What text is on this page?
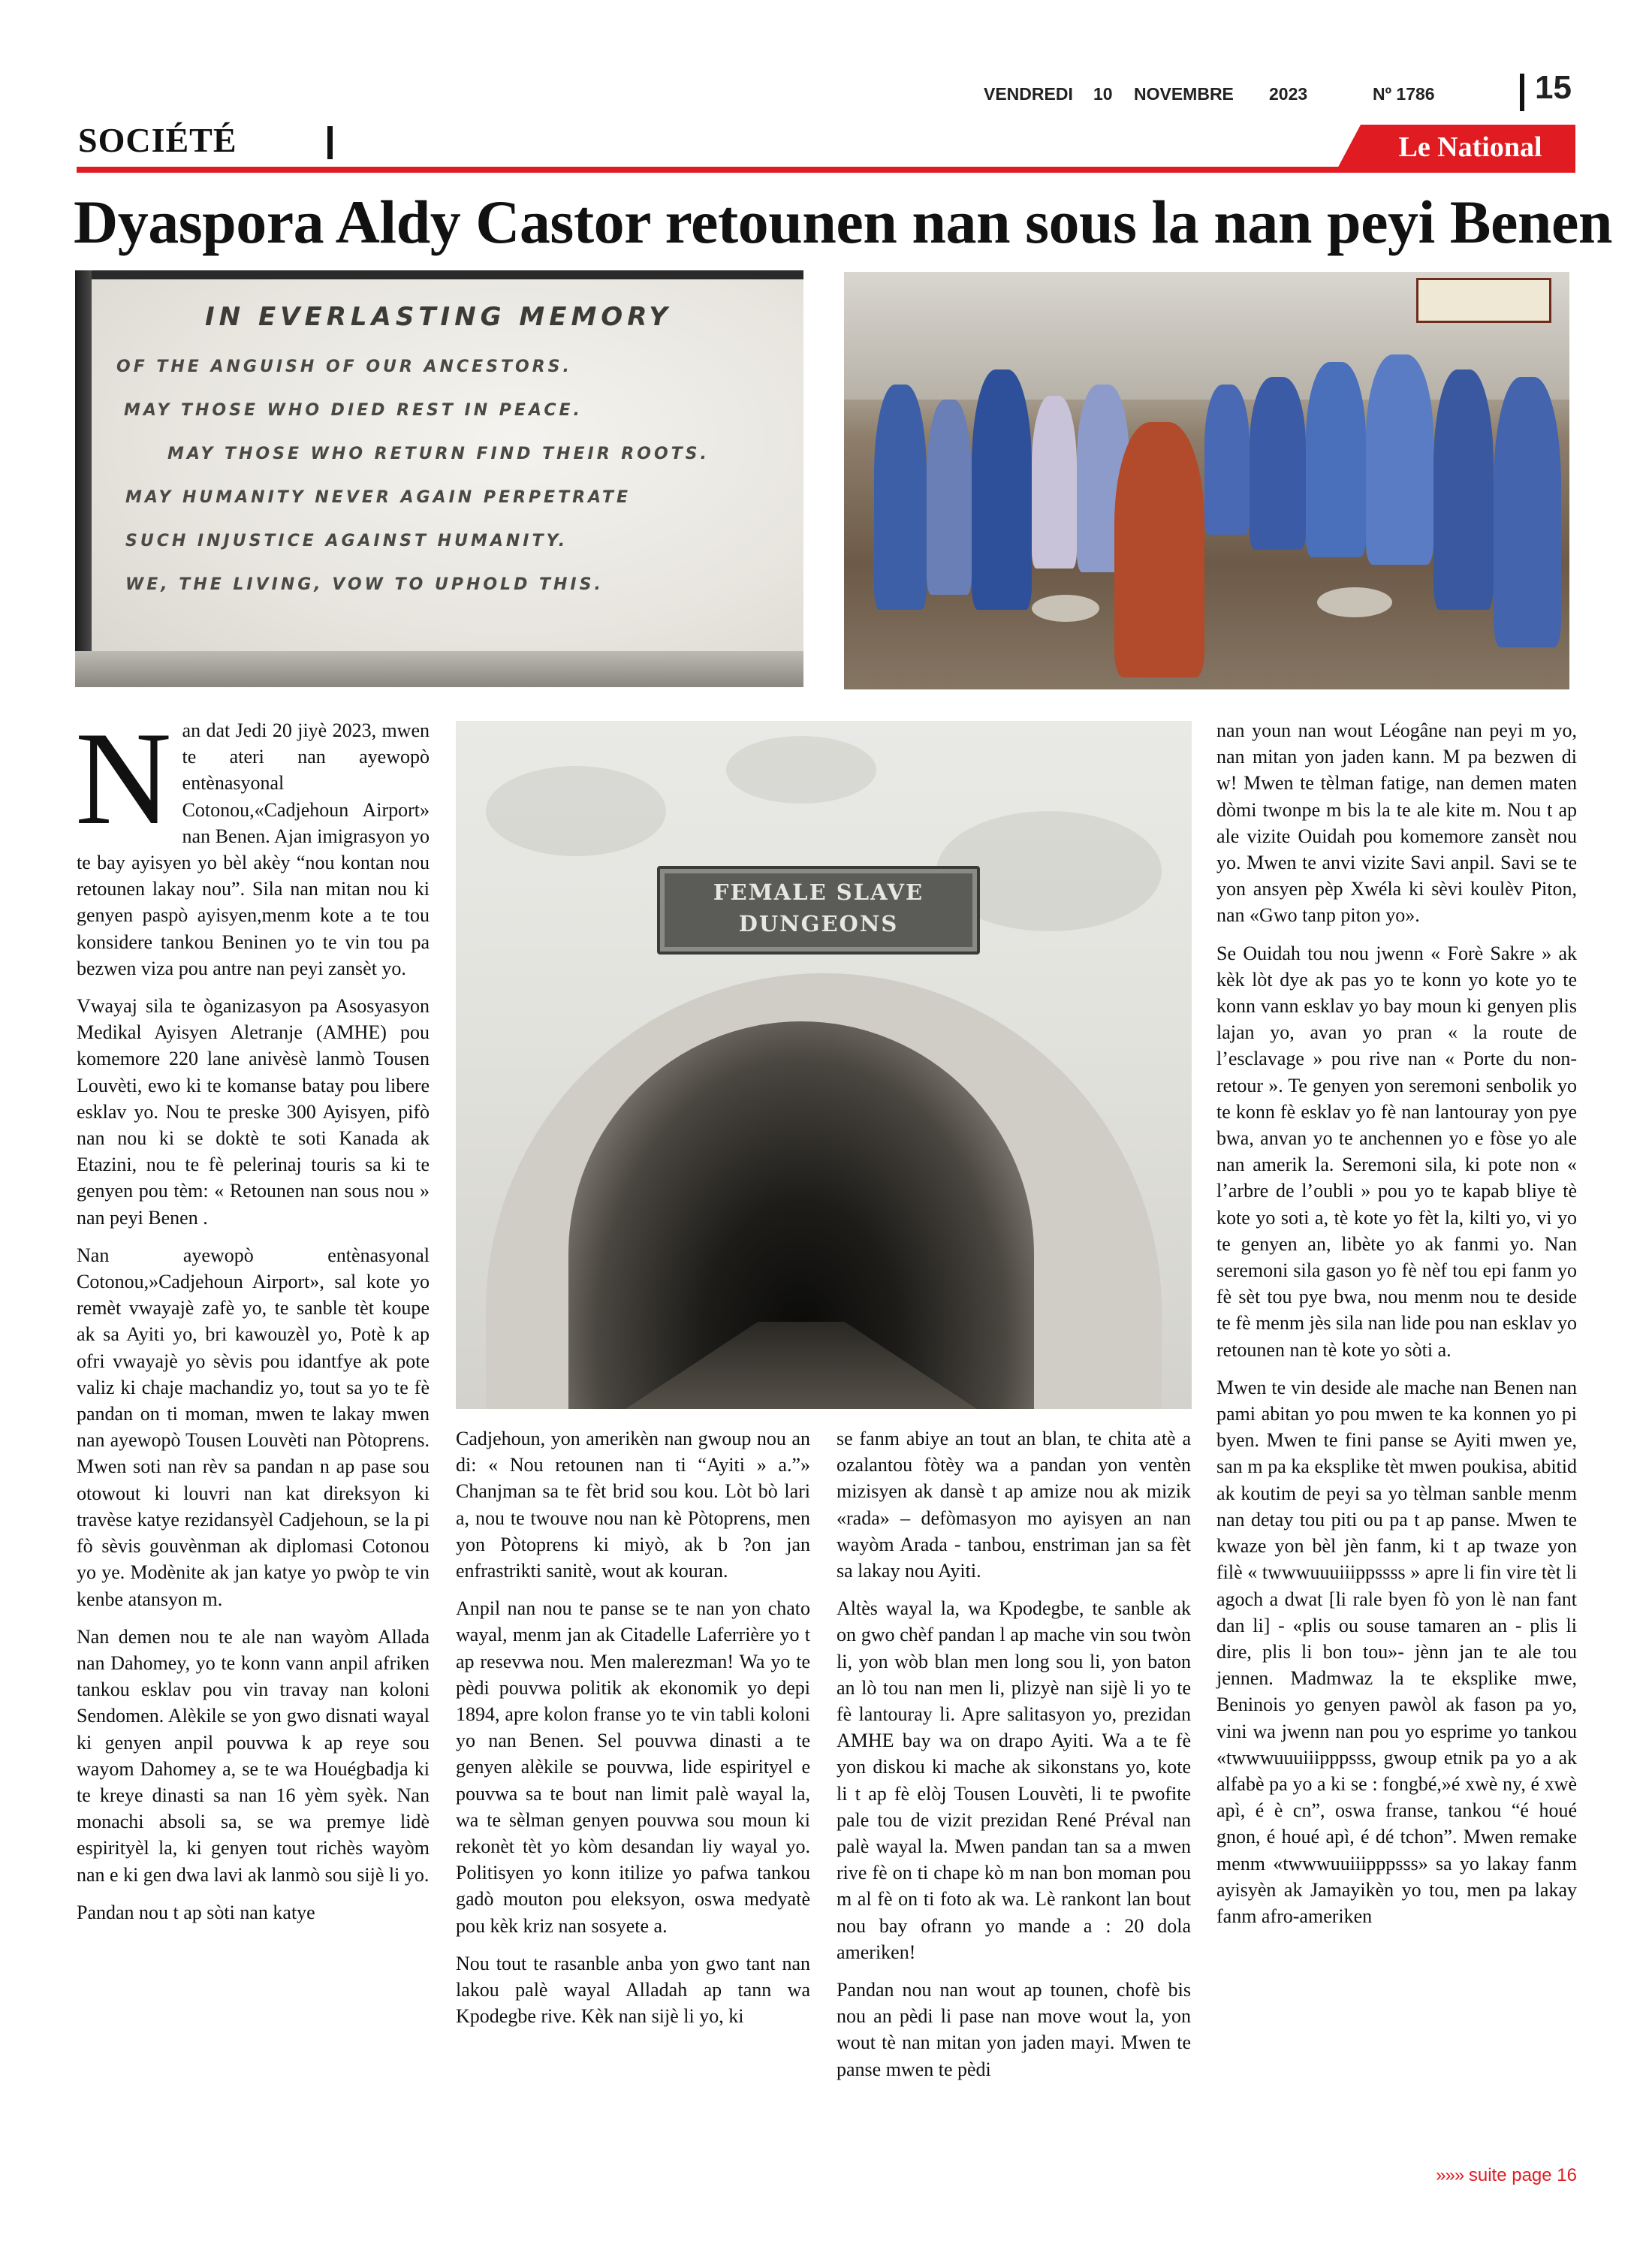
VENDREDI 10 NOVEMBRE 2023	Nº 1786	15
SOCIÉTÉ	Le National
Dyaspora Aldy Castor retounen nan sous la nan peyi Benen
IN EVERLASTING MEMORY
OF THE ANGUISH OF OUR ANCESTORS.
MAY THOSE WHO DIED REST IN PEACE.
MAY THOSE WHO RETURN FIND THEIR ROOTS.
MAY HUMANITY NEVER AGAIN PERPETRATE
SUCH INJUSTICE AGAINST HUMANITY.
WE, THE LIVING, VOW TO UPHOLD THIS.

Nan dat Jedi 20 jiyè 2023, mwen te ateri nan ayewopò entènasyonal Cotonou,«Cadjehoun Airport» nan Benen. Ajan imigrasyon yo te bay ayisyen yo bèl akèy “nou kontan nou retounen lakay nou”. Sila nan mitan nou ki genyen paspò ayisyen,menm kote a te tou konsidere tankou Beninen yo te vin tou pa bezwen viza pou antre nan peyi zansèt yo.

Vwayaj sila te òganizasyon pa Asosyasyon Medikal Ayisyen Aletranje (AMHE) pou komemore 220 lane anivèsè lanmò Tousen Louvèti, ewo ki te komanse batay pou libere esklav yo. Nou te preske 300 Ayisyen, pifò nan nou ki se doktè te soti Kanada ak Etazini, nou te fè pelerinaj touris sa ki te genyen pou tèm: « Retounen nan sous nou » nan peyi Benen .

Nan ayewopò entènasyonal Cotonou,»Cadjehoun Airport», sal kote yo remèt vwayajè zafè yo, te sanble tèt koupe ak sa Ayiti yo, bri kawouzèl yo, Potè k ap ofri vwayajè yo sèvis pou idantfye ak pote valiz ki chaje machandiz yo, tout sa yo te fè pandan on ti moman, mwen te lakay mwen nan ayewopò Tousen Louvèti nan Pòtoprens. Mwen soti nan rèv sa pandan n ap pase sou otowout ki louvri nan kat direksyon ki travèse katye rezidansyèl Cadjehoun, se la pi fò sèvis gouvènman ak diplomasi Cotonou yo ye. Modènite ak jan katye yo pwòp te vin kenbe atansyon m.

Nan demen nou te ale nan wayòm Allada nan Dahomey, yo te konn vann anpil afriken tankou esklav pou vin travay nan koloni Sendomen. Alèkile se yon gwo disnati wayal ki genyen anpil pouvwa k ap reye sou wayom Dahomey a, se te wa Houégbadja ki te kreye dinasti sa nan 16 yèm syèk. Nan monachi absoli sa, se wa premye lidè espirityèl la, ki genyen tout richès wayòm nan e ki gen dwa lavi ak lanmò sou sijè li yo.

Pandan nou t ap sòti nan katye

FEMALE SLAVE
DUNGEONS

Cadjehoun, yon amerikèn nan gwoup nou an di: « Nou retounen nan ti “Ayiti » a.”» Chanjman sa te fèt brid sou kou. Lòt bò lari a, nou te twouve nou nan kè Pòtoprens, men yon Pòtoprens ki miyò, ak b ?on jan enfrastrikti sanitè, wout ak kouran.

Anpil nan nou te panse se te nan yon chato wayal, menm jan ak Citadelle Laferrière yo t ap resevwa nou. Men malerezman! Wa yo te pèdi pouvwa politik ak ekonomik yo depi 1894, apre kolon franse yo te vin tabli koloni yo nan Benen. Sel pouvwa dinasti a te genyen alèkile se pouvwa, lide espirityel e pouvwa sa te bout nan limit palè wayal la, wa te sèlman genyen pouvwa sou moun ki rekonèt tèt yo kòm desandan liy wayal yo. Politisyen yo konn itilize yo pafwa tankou gadò mouton pou eleksyon, oswa medyatè pou kèk kriz nan sosyete a.

Nou tout te rasanble anba yon gwo tant nan lakou palè wayal Alladah ap tann wa Kpodegbe rive. Kèk nan sijè li yo, ki

se fanm abiye an tout an blan, te chita atè a ozalantou fòtèy wa a pandan yon ventèn mizisyen ak dansè t ap amize nou ak mizik «rada» – defòmasyon mo ayisyen an nan wayòm Arada - tanbou, enstriman jan sa fèt sa lakay nou Ayiti.

Altès wayal la, wa Kpodegbe, te sanble ak on gwo chèf pandan l ap mache vin sou twòn li, yon wòb blan men long sou li, yon baton an lò tou nan men li, plizyè nan sijè li yo te fè lantouray li. Apre salitasyon yo, prezidan AMHE bay wa on drapo Ayiti. Wa a te fè yon diskou ki mache ak sikonstans yo, kote li t ap fè elòj Tousen Louvèti, li te pwofite pale tou de vizit prezidan René Préval nan palè wayal la. Mwen pandan tan sa a mwen rive fè on ti chape kò m nan bon moman pou m al fè on ti foto ak wa. Lè rankont lan bout nou bay ofrann yo mande a : 20 dola ameriken!

Pandan nou nan wout ap tounen, chofè bis nou an pèdi li pase nan move wout la, yon wout tè nan mitan yon jaden mayi. Mwen te panse mwen te pèdi

nan youn nan wout Léogâne nan peyi m yo, nan mitan yon jaden kann. M pa bezwen di w! Mwen te tèlman fatige, nan demen maten dòmi twonpe m bis la te ale kite m. Nou t ap ale vizite Ouidah pou komemore zansèt nou yo. Mwen te anvi vizite Savi anpil. Savi se te yon ansyen pèp Xwéla ki sèvi koulèv Piton, nan «Gwo tanp piton yo».

Se Ouidah tou nou jwenn « Forè Sakre » ak kèk lòt dye ak pas yo te konn yo kote yo te konn vann esklav yo bay moun ki genyen plis lajan yo, avan yo pran « la route de l’esclavage » pou rive nan « Porte du non-retour ». Te genyen yon seremoni senbolik yo te konn fè esklav yo fè nan lantouray yon pye bwa, anvan yo te anchennen yo e fòse yo ale nan amerik la. Seremoni sila, ki pote non « l’arbre de l’oubli » pou yo te kapab bliye tè kote yo soti a, tè kote yo fèt la, kilti yo, vi yo te genyen an, libète yo ak fanmi yo. Nan seremoni sila gason yo fè nèf tou epi fanm yo fè sèt tou pye bwa, nou menm nou te deside te fè menm jès sila nan lide pou nan esklav yo retounen nan tè kote yo sòti a.

Mwen te vin deside ale mache nan Benen nan pami abitan yo pou mwen te ka konnen yo pi byen. Mwen te fini panse se Ayiti mwen ye, san m pa ka eksplike tèt mwen poukisa, abitid ak koutim de peyi sa yo tèlman sanble menm nan detay tou piti ou pa t ap panse. Mwen te kwaze yon bèl jèn fanm, ki t ap twaze yon filè « twwwuuuiiippssss » apre li fin vire tèt li agoch a dwat [li rale byen fò yon lè nan fant dan li] - «plis ou souse tamaren an - plis li dire, plis li bon tou»- jènn jan te ale tou jennen. Madmwaz la te eksplike mwe, Beninois yo genyen pawòl ak fason pa yo, vini wa jwenn nan pou yo esprime yo tankou «twwwuuuiiipppsss, gwoup etnik pa yo a ak alfabè pa yo a ki se : fongbé,»é xwè ny, é xwè apì, é è cn”, oswa franse, tankou “é houé gnon, é houé apì, é dé tchon”. Mwen remake menm «twwwuuiiipppsss» sa yo lakay fanm ayisyèn ak Jamayikèn yo tou, men pa lakay fanm afro-ameriken

»»» suite page 16
